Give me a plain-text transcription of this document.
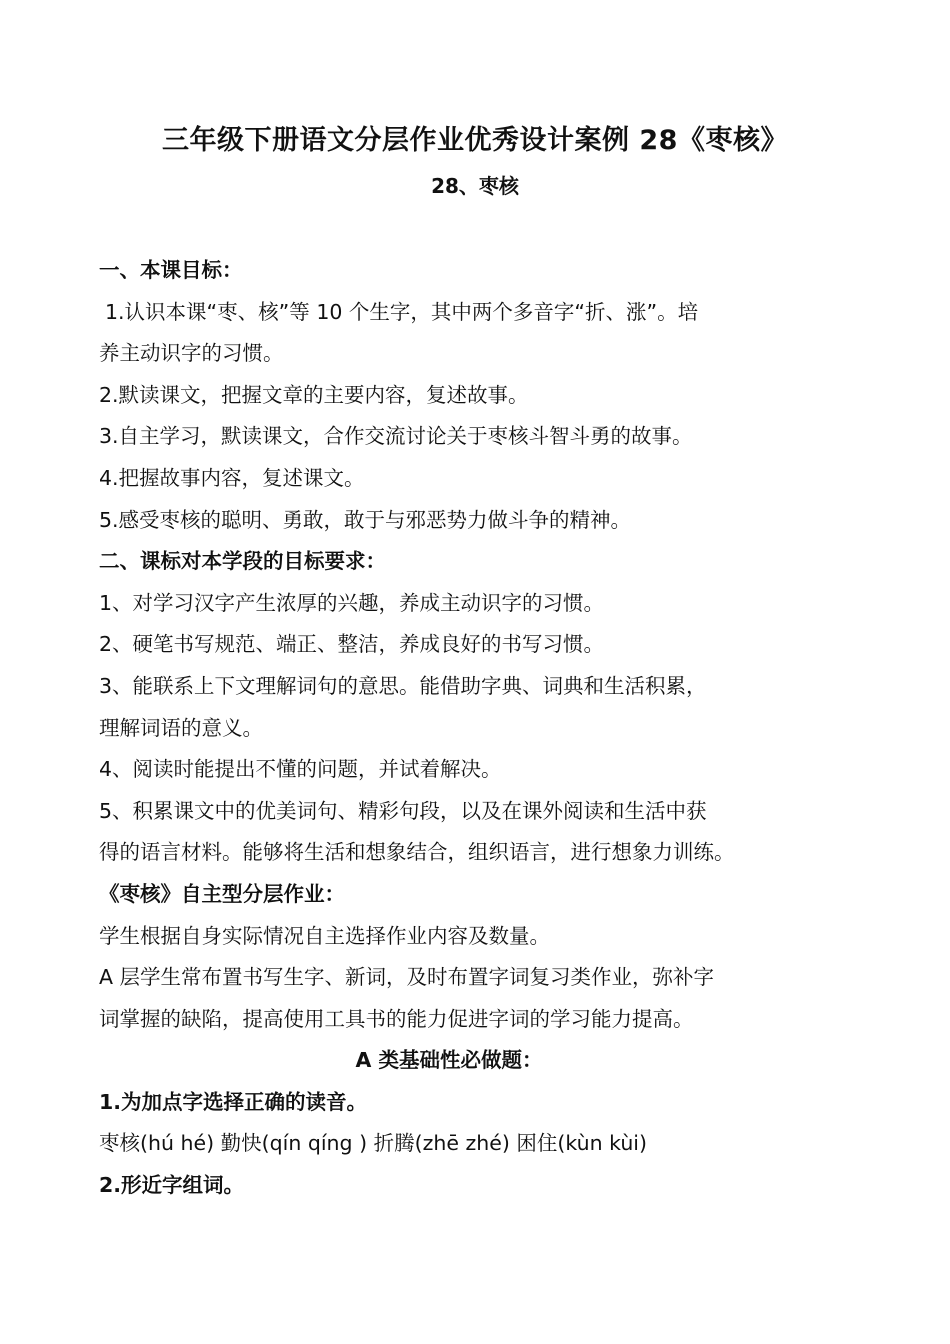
三年级下册语文分层作业优秀设计案例 28《枣核》
28、枣核
一、本课目标：
1.认识本课“枣、核”等 10 个生字，其中两个多音字“折、涨”。培
养主动识字的习惯。
2.默读课文，把握文章的主要内容，复述故事。
3.自主学习，默读课文，合作交流讨论关于枣核斗智斗勇的故事。
4.把握故事内容，复述课文。
5.感受枣核的聪明、勇敢，敢于与邪恶势力做斗争的精神。
二、课标对本学段的目标要求：
1、对学习汉字产生浓厚的兴趣，养成主动识字的习惯。
2、硬笔书写规范、端正、整洁，养成良好的书写习惯。
3、能联系上下文理解词句的意思。能借助字典、词典和生活积累，
理解词语的意义。
4、阅读时能提出不懂的问题，并试着解决。
5、积累课文中的优美词句、精彩句段，以及在课外阅读和生活中获
得的语言材料。能够将生活和想象结合，组织语言，进行想象力训练。
《枣核》自主型分层作业：
学生根据自身实际情况自主选择作业内容及数量。
A 层学生常布置书写生字、新词，及时布置字词复习类作业，弥补字
词掌握的缺陷，提高使用工具书的能力促进字词的学习能力提高。
A 类基础性必做题：
1.为加点字选择正确的读音。
枣核(hú hé) 勤快(qín qíng ) 折腾(zhē zhé) 困住(kùn kùi)
2.形近字组词。
